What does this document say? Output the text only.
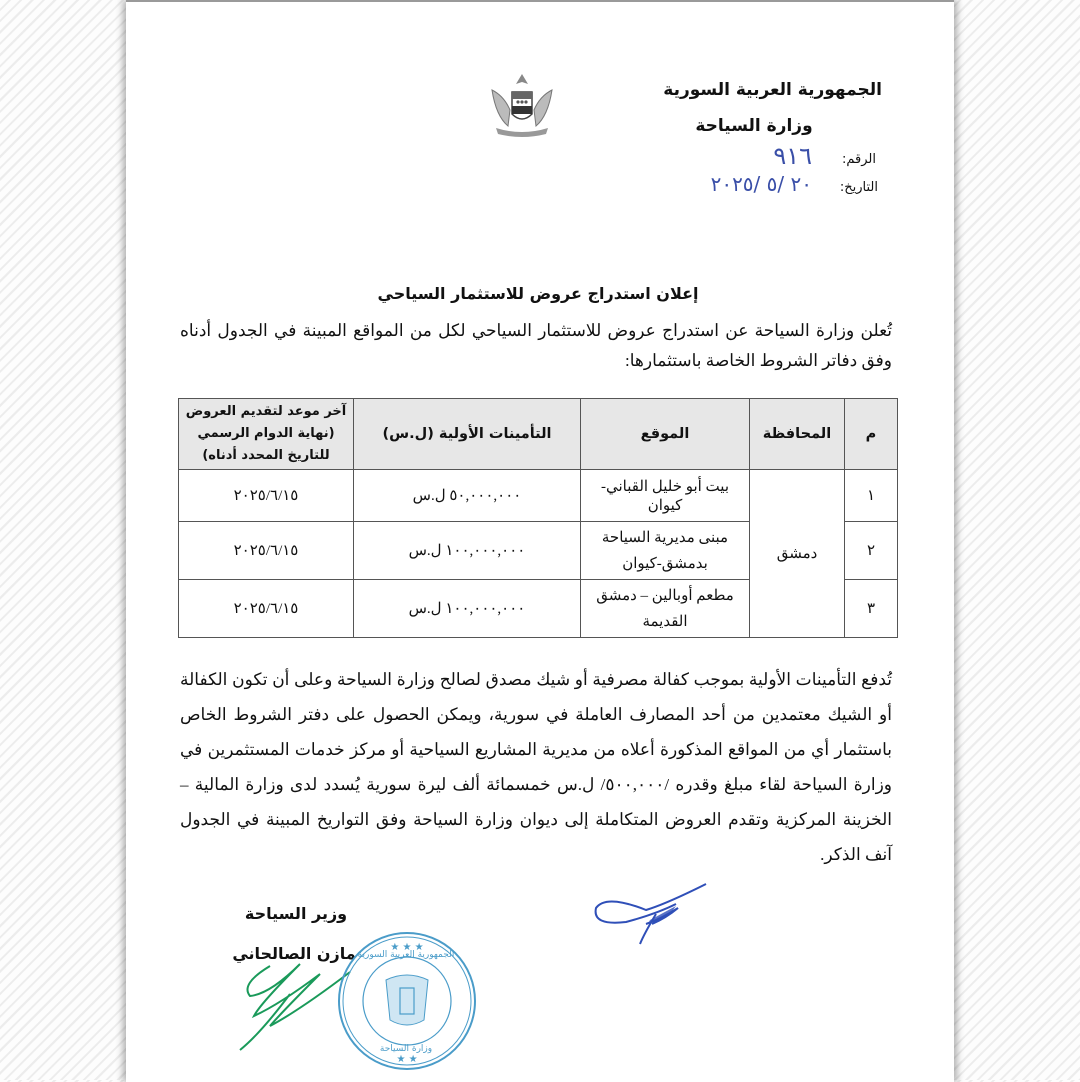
الجمهورية العربية السورية
وزارة السياحة
الرقم:
٩١٦
التاريخ:
٢٠ /٥ /٢٠٢٥
إعلان استدراج عروض للاستثمار السياحي
تُعلن وزارة السياحة عن استدراج عروض للاستثمار السياحي لكل من المواقع المبينة في الجدول أدناه وفق دفاتر الشروط الخاصة باستثمارها:
م	المحافظة	الموقع	التأمينات الأولية (ل.س)	آخر موعد لتقديم العروض (نهاية الدوام الرسمي للتاريخ المحدد أدناه)
١	دمشق	بيت أبو خليل القباني-كيوان	٥٠,٠٠٠,٠٠٠ ل.س	٢٠٢٥/٦/١٥
٢		مبنى مديرية السياحة بدمشق-كيوان	١٠٠,٠٠٠,٠٠٠ ل.س	٢٠٢٥/٦/١٥
٣		مطعم أوبالين – دمشق القديمة	١٠٠,٠٠٠,٠٠٠ ل.س	٢٠٢٥/٦/١٥
تُدفع التأمينات الأولية بموجب كفالة مصرفية أو شيك مصدق لصالح وزارة السياحة وعلى أن تكون الكفالة أو الشيك معتمدين من أحد المصارف العاملة في سورية، ويمكن الحصول على دفتر الشروط الخاص باستثمار أي من المواقع المذكورة أعلاه من مديرية المشاريع السياحية أو مركز خدمات المستثمرين في وزارة السياحة لقاء مبلغ وقدره /٥٠٠,٠٠٠/ ل.س خمسمائة ألف ليرة سورية يُسدد لدى وزارة المالية – الخزينة المركزية وتقدم العروض المتكاملة إلى ديوان وزارة السياحة وفق التواريخ المبينة في الجدول آنف الذكر.
وزير السياحة
مازن الصالحاني	★ ★ ★
★ ★
الجمهورية العربية السورية
وزارة السياحة
